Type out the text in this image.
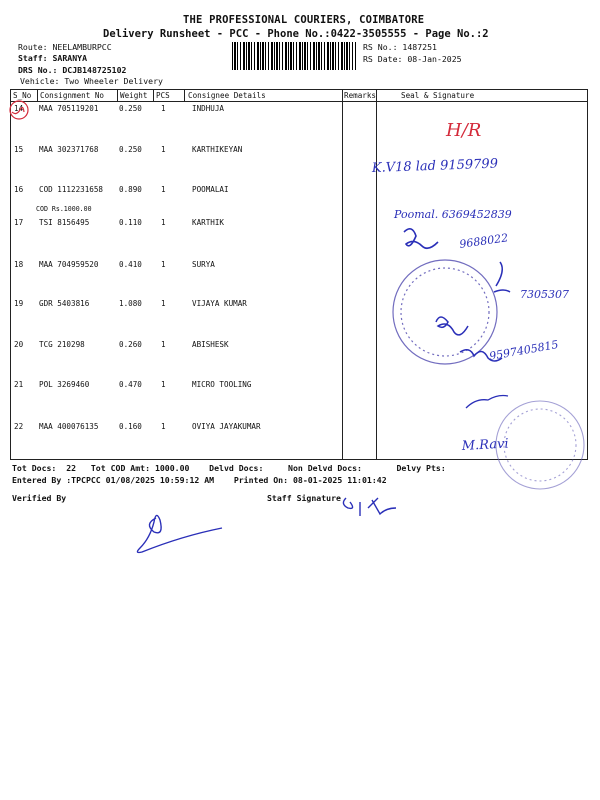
THE PROFESSIONAL COURIERS, COIMBATORE
Delivery Runsheet - PCC - Phone No.:0422-3505555 - Page No.:2
Route: NEELAMBURPCC
Staff: SARANYA
DRS No.: DCJB148725102
Vehicle: Two Wheeler Delivery
RS No.: 1487251
RS Date: 08-Jan-2025
S_No Consignment No Weight PCS Consignee Details	Remarks	Seal & Signature
14 MAA 705119201	0.250	1	INDHUJA
15 MAA 302371768	0.250	1	KARTHIKEYAN
16 COD 1112231658 0.890	1	POOMALAI
COD Rs.1000.00
17 TSI 8156495	0.110	1	KARTHIK
18 MAA 704959520	0.410	1	SURYA
19 GDR 5403816	1.080	1	VIJAYA KUMAR
20 TCG 210298	0.260	1	ABISHESK
21 POL 3269460	0.470	1	MICRO TOOLING
22 MAA 400076135	0.160	1	OVIYA JAYAKUMAR
Tot Docs:  22   Tot COD Amt: 1000.00    Delvd Docs:     Non Delvd Docs:       Delvy Pts:
Entered By :TPCPCC 01/08/2025 10:59:12 AM    Printed On: 08-01-2025 11:01:42
Verified By	Staff Signature
H/R
K.V18 lad 9159799
Poomal. 6369452839
9688022
7305307
9597405815
M.Ravi
